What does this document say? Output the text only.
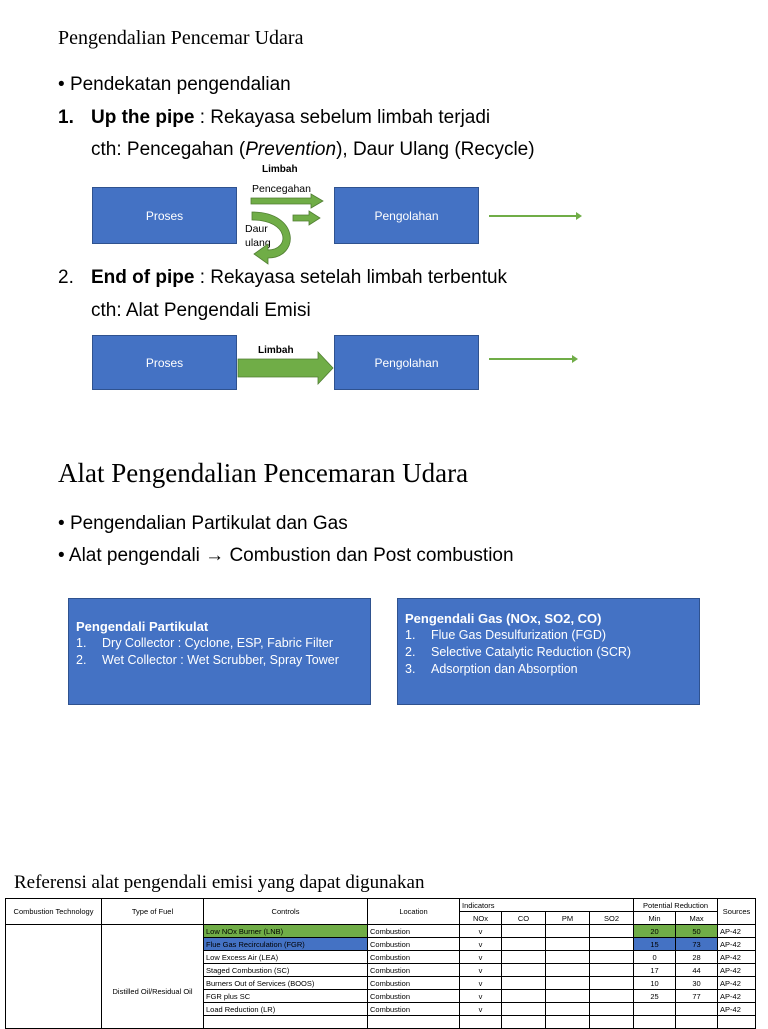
Pengendalian Pencemar Udara
• Pendekatan pengendalian
1. Up the pipe : Rekayasa sebelum limbah terjadi
cth: Pencegahan (Prevention), Daur Ulang (Recycle)
Proses	Pengolahan
Limbah
Pencegahan
Daur ulang
2. End of pipe : Rekayasa setelah limbah terbentuk
cth: Alat Pengendali Emisi
Proses	Pengolahan
Limbah
Alat Pengendalian Pencemaran Udara
• Pengendalian Partikulat dan Gas
• Alat pengendali → Combustion dan Post combustion
Pengendali Partikulat
1. Dry Collector : Cyclone, ESP, Fabric Filter
2. Wet Collector : Wet Scrubber, Spray Tower
Pengendali Gas (NOx, SO2, CO)
1. Flue Gas Desulfurization (FGD)
2. Selective Catalytic Reduction (SCR)
3. Adsorption dan Absorption
Referensi alat pengendali emisi yang dapat digunakan
Combustion Technology	Type of Fuel	Controls	Location	Indicators				Potential Reduction		Sources
				NOx	CO	PM	SO2	Min	Max	
	Distilled Oil/Residual Oil	Low NOx Burner (LNB)	Combustion	v				20	50	AP-42
		Flue Gas Recirculation (FGR)	Combustion	v				15	73	AP-42
		Low Excess Air (LEA)	Combustion	v				0	28	AP-42
		Staged Combustion (SC)	Combustion	v				17	44	AP-42
		Burners Out of Services (BOOS)	Combustion	v				10	30	AP-42
		FGR plus SC	Combustion	v				25	77	AP-42
		Load Reduction (LR)	Combustion	v						AP-42
